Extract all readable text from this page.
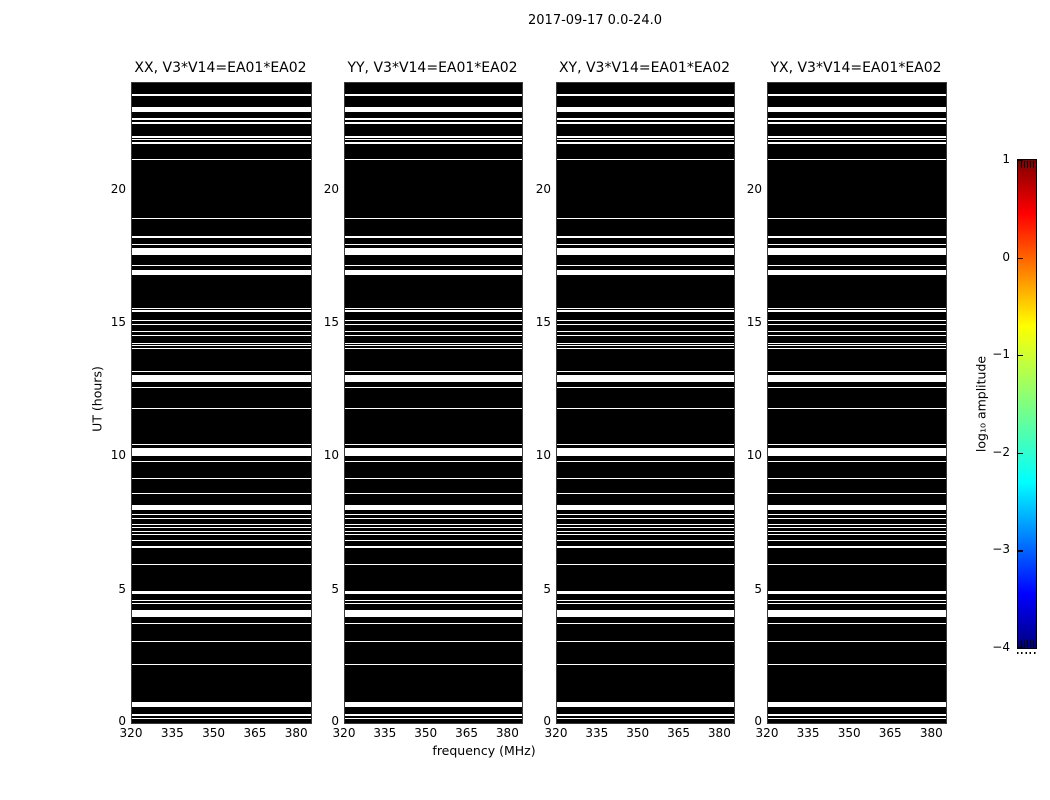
2017-09-17 0.0-24.0
UT (hours)
frequency (MHz)
XX, V3*V14=EA01*EA02
320 335 350 365 380
0
5
10
15
20
YY, V3*V14=EA01*EA02
320 335 350 365 380
0
5
10
15
20
XY, V3*V14=EA01*EA02
320 335 350 365 380
0
5
10
15
20
YX, V3*V14=EA01*EA02
320 335 350 365 380
0
5
10
15
20
1
0
−1
−2
−3
−4
log₁₀ amplitude
